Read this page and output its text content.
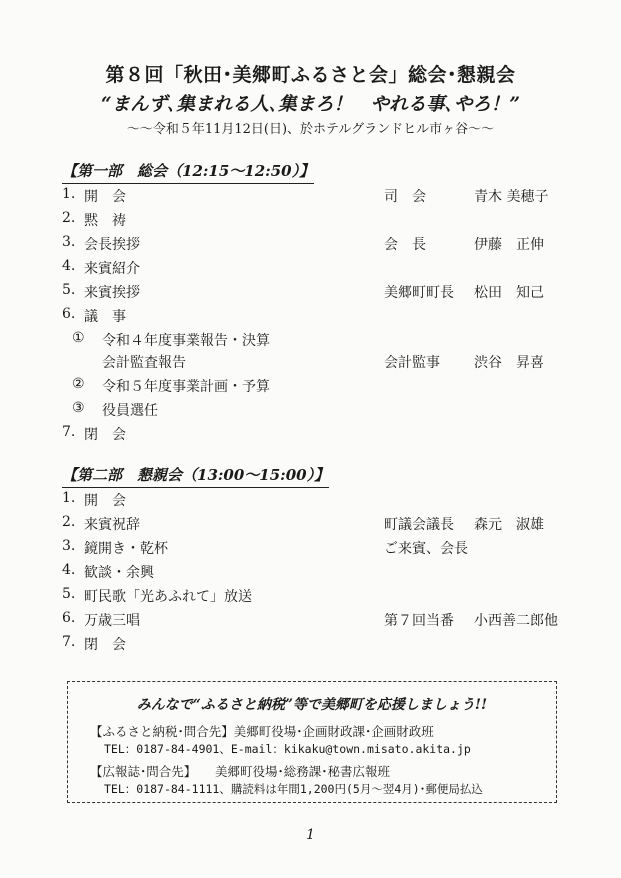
第８回「秋田･美郷町ふるさと会」総会･懇親会
“まんず､集まれる人､集まろ！　やれる事､やろ！”
～～令和５年11月12日(日)、於ホテルグランドヒル市ヶ谷～～
【第一部　総会（12:15～12:50）】
1. 開　会	司　会	青木 美穂子
2. 黙　祷
3. 会長挨拶	会　長	伊藤　正伸
4. 来賓紹介
5. 来賓挨拶	美郷町町長 松田　知己
6. 議　事
① 令和４年度事業報告・決算
会計監査報告	会計監事 渋谷　昇喜
② 令和５年度事業計画・予算
③ 役員選任
7. 閉　会
【第二部　懇親会（13:00～15:00）】
1. 開　会
2. 来賓祝辞	町議会議長 森元　淑雄
3. 鏡開き・乾杯	ご来賓、会長
4. 歓談・余興
5. 町民歌「光あふれて」放送
6. 万歳三唱	第７回当番 小西善二郎他
7. 閉　会
みんなで“ふるさと納税”等で美郷町を応援しましょう!!
【ふるさと納税･問合先】美郷町役場･企画財政課･企画財政班
TEL：0187-84-4901、E-mail：kikaku@town.misato.akita.jp
【広報誌･問合先】　　美郷町役場･総務課･秘書広報班
TEL：0187-84-1111、購読料は年間1,200円(5月～翌4月)･郵便局払込
1
